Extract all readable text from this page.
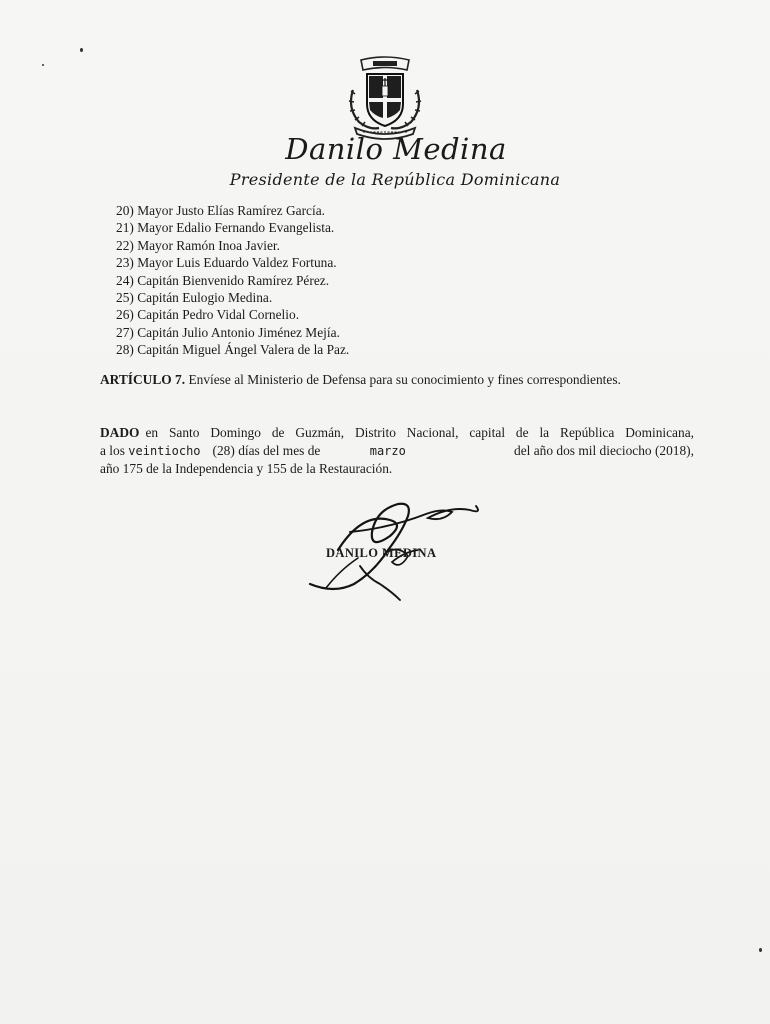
Danilo Medina
Presidente de la República Dominicana
20) Mayor Justo Elías Ramírez García.
21) Mayor Edalio Fernando Evangelista.
22) Mayor Ramón Inoa Javier.
23) Mayor Luis Eduardo Valdez Fortuna.
24) Capitán Bienvenido Ramírez Pérez.
25) Capitán Eulogio Medina.
26) Capitán Pedro Vidal Cornelio.
27) Capitán Julio Antonio Jiménez Mejía.
28) Capitán Miguel Ángel Valera de la Paz.
ARTÍCULO 7. Envíese al Ministerio de Defensa para su conocimiento y fines correspondientes.
DADO en Santo Domingo de Guzmán, Distrito Nacional, capital de la República Dominicana,
a los veintiocho (28) días del mes de	marzo	del año dos mil dieciocho (2018),
año 175 de la Independencia y 155 de la Restauración.
DANILO MEDINA
